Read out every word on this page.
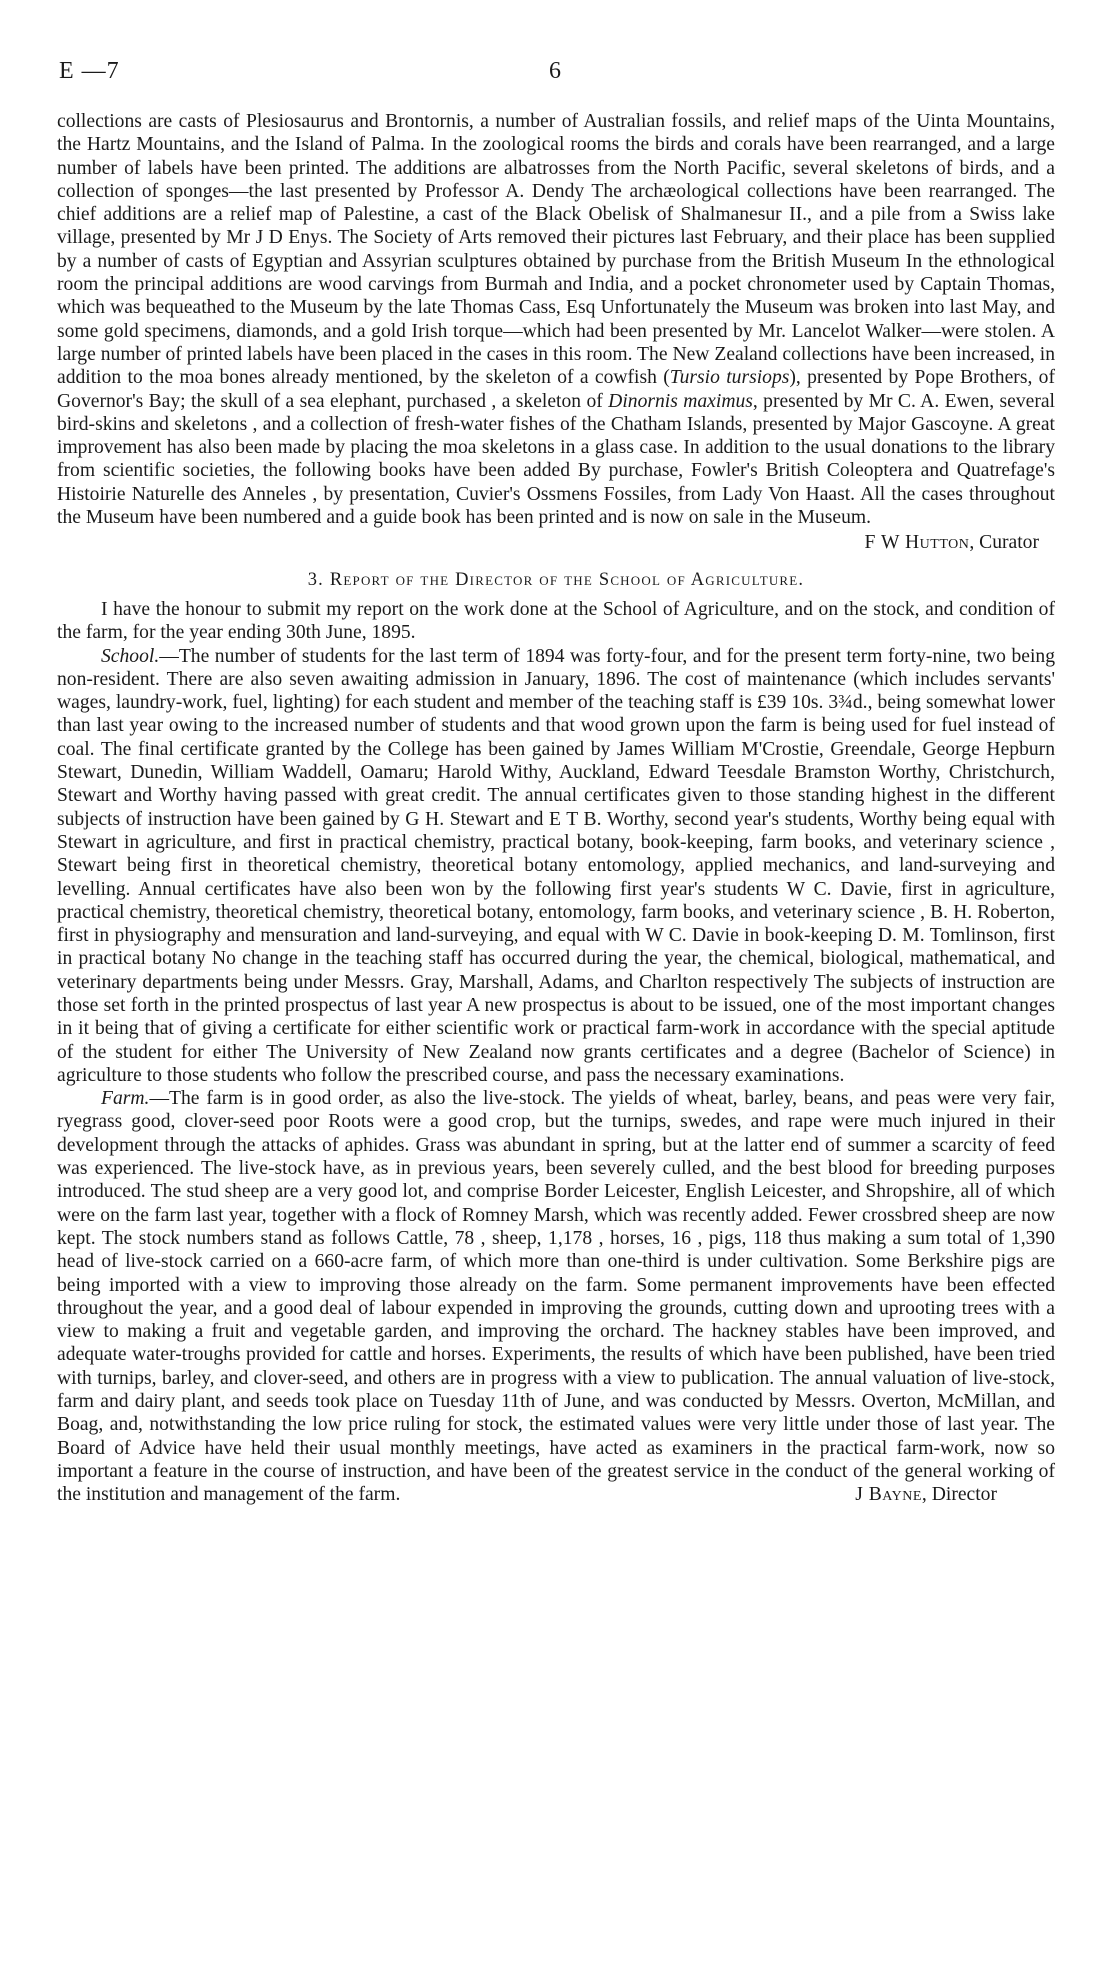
E —7	6

collections are casts of Plesiosaurus and Brontornis, a number of Australian fossils, and relief maps of the Uinta Mountains, the Hartz Mountains, and the Island of Palma. In the zoological rooms the birds and corals have been rearranged, and a large number of labels have been printed. The additions are albatrosses from the North Pacific, several skeletons of birds, and a collection of sponges—the last presented by Professor A. Dendy The archæological collections have been rearranged. The chief additions are a relief map of Palestine, a cast of the Black Obelisk of Shalmanesur II., and a pile from a Swiss lake village, presented by Mr J D Enys. The Society of Arts removed their pictures last February, and their place has been supplied by a number of casts of Egyptian and Assyrian sculptures obtained by purchase from the British Museum In the ethnological room the principal additions are wood carvings from Burmah and India, and a pocket chronometer used by Captain Thomas, which was bequeathed to the Museum by the late Thomas Cass, Esq Unfortunately the Museum was broken into last May, and some gold specimens, diamonds, and a gold Irish torque—which had been presented by Mr. Lancelot Walker—were stolen. A large number of printed labels have been placed in the cases in this room. The New Zealand collections have been increased, in addition to the moa bones already mentioned, by the skeleton of a cowfish (Tursio tursiops), presented by Pope Brothers, of Governor's Bay; the skull of a sea elephant, purchased , a skeleton of Dinornis maximus, presented by Mr C. A. Ewen, several bird-skins and skeletons , and a collection of fresh-water fishes of the Chatham Islands, presented by Major Gascoyne. A great improvement has also been made by placing the moa skeletons in a glass case. In addition to the usual donations to the library from scientific societies, the following books have been added By purchase, Fowler's British Coleoptera and Quatrefage's Histoirie Naturelle des Anneles , by presentation, Cuvier's Ossmens Fossiles, from Lady Von Haast. All the cases throughout the Museum have been numbered and a guide book has been printed and is now on sale in the Museum.

F W Hutton, Curator

3. Report of the Director of the School of Agriculture.

I have the honour to submit my report on the work done at the School of Agriculture, and on the stock, and condition of the farm, for the year ending 30th June, 1895.

School.—The number of students for the last term of 1894 was forty-four, and for the present term forty-nine, two being non-resident. There are also seven awaiting admission in January, 1896. The cost of maintenance (which includes servants' wages, laundry-work, fuel, lighting) for each student and member of the teaching staff is £39 10s. 3¾d., being somewhat lower than last year owing to the increased number of students and that wood grown upon the farm is being used for fuel instead of coal. The final certificate granted by the College has been gained by James William M'Crostie, Greendale, George Hepburn Stewart, Dunedin, William Waddell, Oamaru; Harold Withy, Auckland, Edward Teesdale Bramston Worthy, Christchurch, Stewart and Worthy having passed with great credit. The annual certificates given to those standing highest in the different subjects of instruction have been gained by G H. Stewart and E T B. Worthy, second year's students, Worthy being equal with Stewart in agriculture, and first in practical chemistry, practical botany, book-keeping, farm books, and veterinary science , Stewart being first in theoretical chemistry, theoretical botany entomology, applied mechanics, and land-surveying and levelling. Annual certificates have also been won by the following first year's students W C. Davie, first in agriculture, practical chemistry, theoretical chemistry, theoretical botany, entomology, farm books, and veterinary science , B. H. Roberton, first in physiography and mensuration and land-surveying, and equal with W C. Davie in book-keeping D. M. Tomlinson, first in practical botany No change in the teaching staff has occurred during the year, the chemical, biological, mathematical, and veterinary departments being under Messrs. Gray, Marshall, Adams, and Charlton respectively The subjects of instruction are those set forth in the printed prospectus of last year A new prospectus is about to be issued, one of the most important changes in it being that of giving a certificate for either scientific work or practical farm-work in accordance with the special aptitude of the student for either The University of New Zealand now grants certificates and a degree (Bachelor of Science) in agriculture to those students who follow the prescribed course, and pass the necessary examinations.

Farm.—The farm is in good order, as also the live-stock. The yields of wheat, barley, beans, and peas were very fair, ryegrass good, clover-seed poor Roots were a good crop, but the turnips, swedes, and rape were much injured in their development through the attacks of aphides. Grass was abundant in spring, but at the latter end of summer a scarcity of feed was experienced. The live-stock have, as in previous years, been severely culled, and the best blood for breeding purposes introduced. The stud sheep are a very good lot, and comprise Border Leicester, English Leicester, and Shropshire, all of which were on the farm last year, together with a flock of Romney Marsh, which was recently added. Fewer crossbred sheep are now kept. The stock numbers stand as follows Cattle, 78 , sheep, 1,178 , horses, 16 , pigs, 118 thus making a sum total of 1,390 head of live-stock carried on a 660-acre farm, of which more than one-third is under cultivation. Some Berkshire pigs are being imported with a view to improving those already on the farm. Some permanent improvements have been effected throughout the year, and a good deal of labour expended in improving the grounds, cutting down and uprooting trees with a view to making a fruit and vegetable garden, and improving the orchard. The hackney stables have been improved, and adequate water-troughs provided for cattle and horses. Experiments, the results of which have been published, have been tried with turnips, barley, and clover-seed, and others are in progress with a view to publication. The annual valuation of live-stock, farm and dairy plant, and seeds took place on Tuesday 11th of June, and was conducted by Messrs. Overton, McMillan, and Boag, and, notwithstanding the low price ruling for stock, the estimated values were very little under those of last year. The Board of Advice have held their usual monthly meetings, have acted as examiners in the practical farm-work, now so important a feature in the course of instruction, and have been of the greatest service in the conduct of the general working of the institution and management of the farm.	J Bayne, Director
